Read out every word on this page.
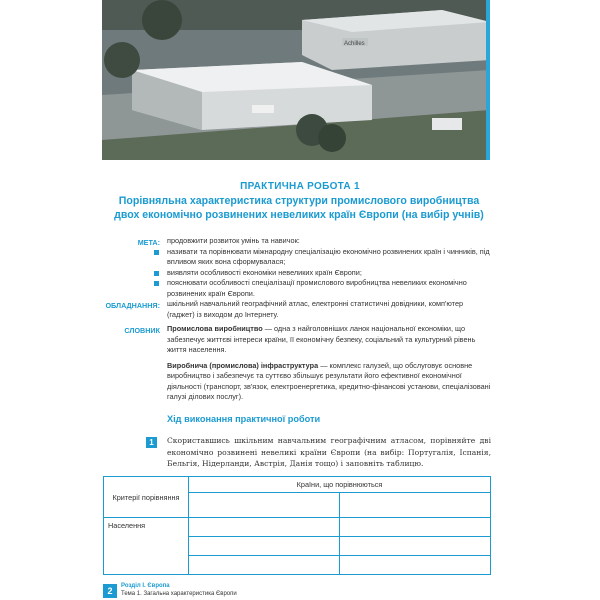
Achilles
ПРАКТИЧНА РОБОТА 1
Порівняльна характеристика структури промислового виробництва
двох економічно розвинених невеликих країн Європи (на вибір учнів)
МЕТА: продовжити розвиток умінь та навичок:
називати та порівнювати міжнародну спеціалізацію економічно розвинених країн і чинників, під впливом яких вона сформувалася;
виявляти особливості економіки невеликих країн Європи;
пояснювати особливості спеціалізації промислового виробництва невеликих економічно розвинених країн Європи.
ОБЛАДНАННЯ: шкільний навчальний географічний атлас, електронні статистичні довідники, комп'ютер (гаджет) із виходом до Інтернету.
СЛОВНИК Промислова виробництво — одна з найголовніших ланок національної економіки, що забезпечує життєві інтереси країни, її економічну безпеку, соціальний та культурний рівень життя населення.
Виробнича (промислова) інфраструктура — комплекс галузей, що обслуговує основне виробництво і забезпечує та суттєво збільшує результати його ефективної економічної діяльності (транспорт, зв'язок, електроенергетика, кредитно-фінансові установи, спеціалізовані галузі ділових послуг).
Хід виконання практичної роботи
1	Скориставшись шкільним навчальним географічним атласом, порівняйте дві економічно розвинені невеликі країни Європи (на вибір: Португалія, Іспанія, Бельгія, Нідерланди, Австрія, Данія тощо) і заповніть таблицю.
Критерії порівняння	Країни, що порівнюються	

Населення		

2	Розділ І. Європа
Тема 1. Загальна характеристика Європи
